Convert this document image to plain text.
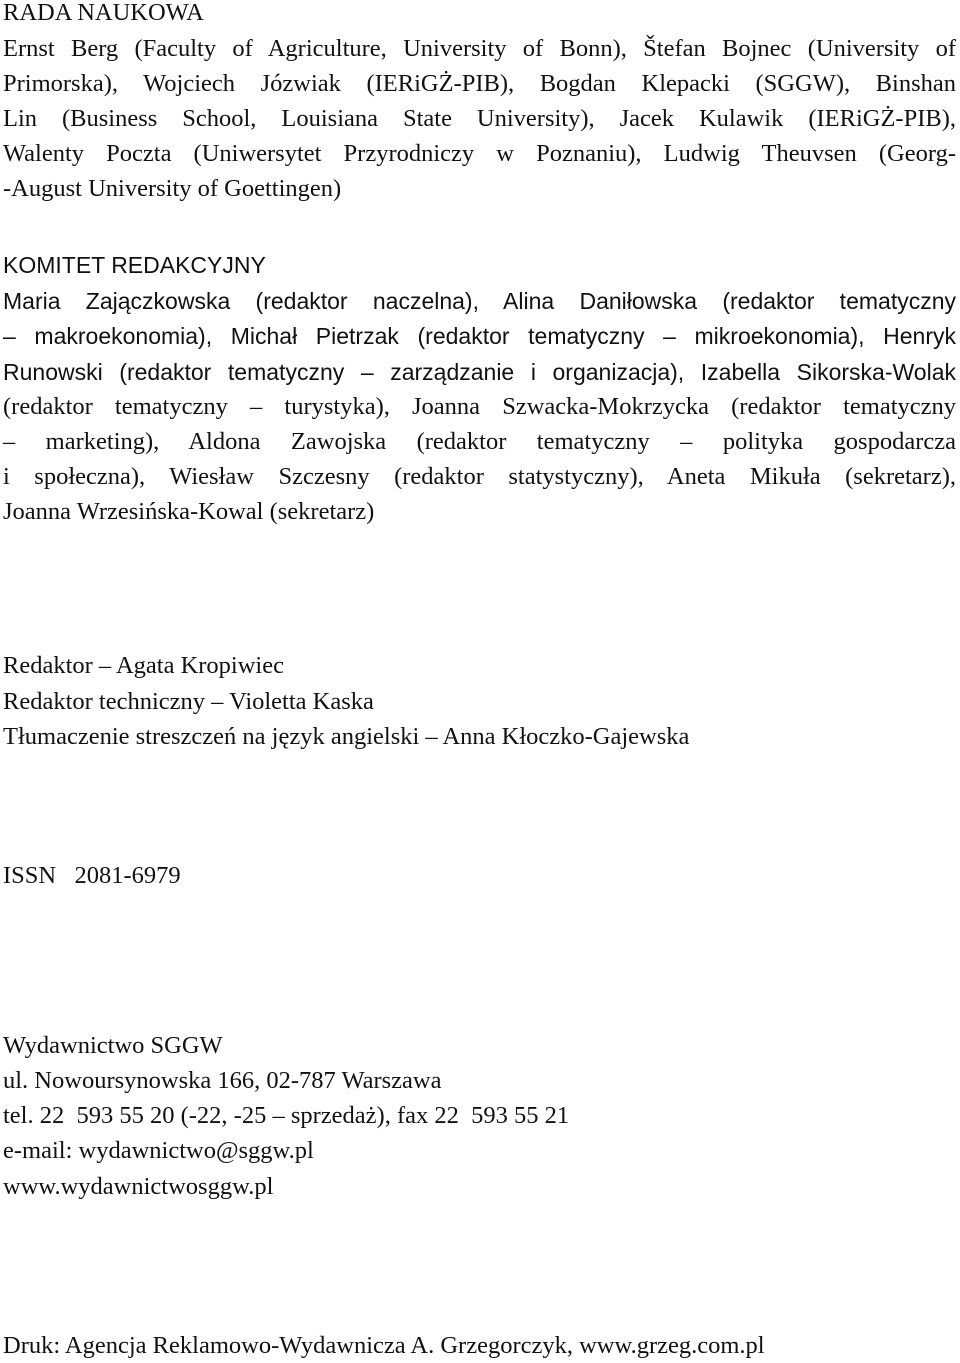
RADA NAUKOWA
Ernst Berg (Faculty of Agriculture, University of Bonn), Štefan Bojnec (University of
Primorska), Wojciech Józwiak (IERiGŻ-PIB), Bogdan Klepacki (SGGW), Binshan
Lin (Business School, Louisiana State University), Jacek Kulawik (IERiGŻ-PIB),
Walenty Poczta (Uniwersytet Przyrodniczy w Poznaniu), Ludwig Theuvsen (Georg-
-August University of Goettingen)
KOMITET REDAKCYJNY
Maria Zajączkowska (redaktor naczelna), Alina Daniłowska (redaktor tematyczny
– makroekonomia), Michał Pietrzak (redaktor tematyczny – mikroekonomia), Henryk
Runowski (redaktor tematyczny – zarządzanie i organizacja), Izabella Sikorska-Wolak
(redaktor tematyczny – turystyka), Joanna Szwacka-Mokrzycka (redaktor tematyczny
– marketing), Aldona Zawojska (redaktor tematyczny – polityka gospodarcza
i społeczna), Wiesław Szczesny (redaktor statystyczny), Aneta Mikuła (sekretarz),
Joanna Wrzesińska-Kowal (sekretarz)
Redaktor – Agata Kropiwiec
Redaktor techniczny – Violetta Kaska
Tłumaczenie streszczeń na język angielski – Anna Kłoczko-Gajewska
ISSN   2081-6979
Wydawnictwo SGGW
ul. Nowoursynowska 166, 02-787 Warszawa
tel. 22  593 55 20 (-22, -25 – sprzedaż), fax 22  593 55 21
e-mail: wydawnictwo@sggw.pl
www.wydawnictwosggw.pl
Druk: Agencja Reklamowo-Wydawnicza A. Grzegorczyk, www.grzeg.com.pl
